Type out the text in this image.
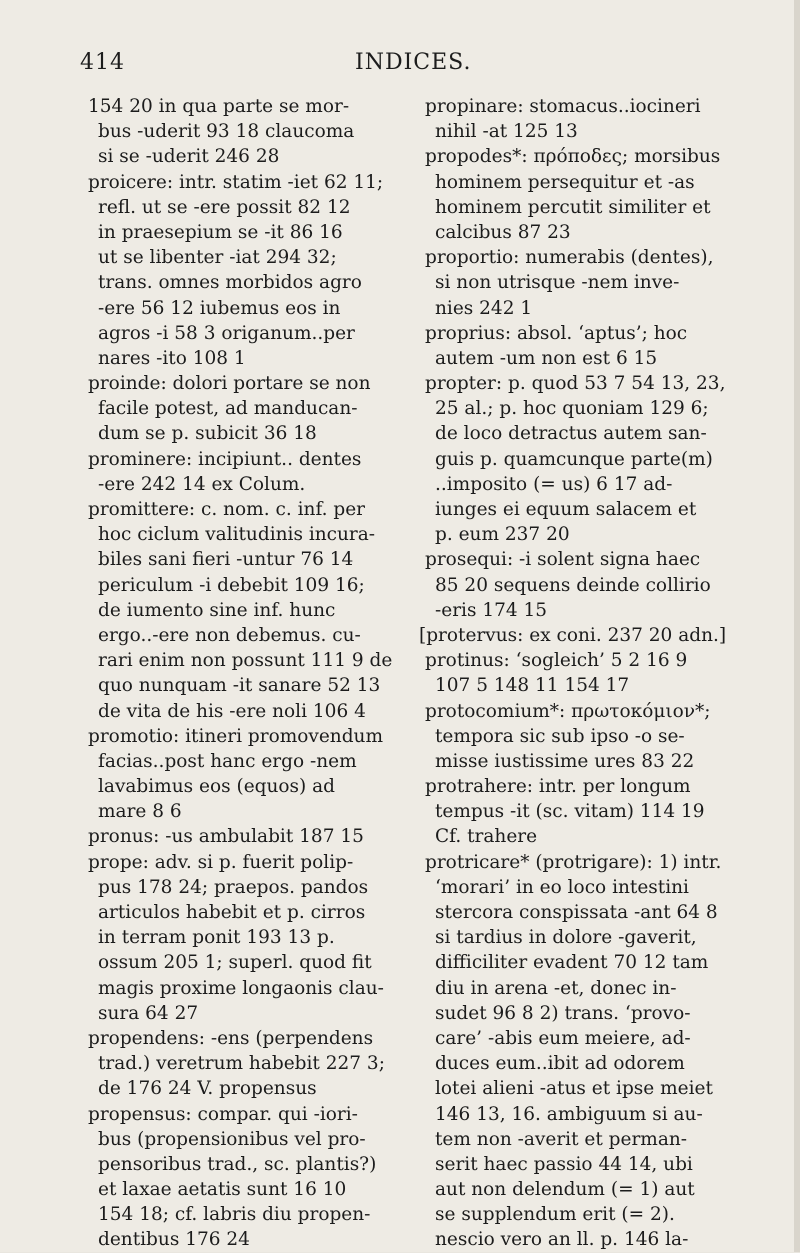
414	INDICES.
154 20 in qua parte se mor-
bus -uderit 93 18 claucoma
si se -uderit 246 28
proicere: intr. statim -iet 62 11;
refl. ut se -ere possit 82 12
in praesepium se -it 86 16
ut se libenter -iat 294 32;
trans. omnes morbidos agro
-ere 56 12 iubemus eos in
agros -i 58 3 origanum..per
nares -ito 108 1
proinde: dolori portare se non
facile potest, ad manducan-
dum se p. subicit 36 18
prominere: incipiunt.. dentes
-ere 242 14 ex Colum.
promittere: c. nom. c. inf. per
hoc ciclum valitudinis incura-
biles sani fieri -untur 76 14
periculum -i debebit 109 16;
de iumento sine inf. hunc
ergo..-ere non debemus. cu-
rari enim non possunt 111 9 de
quo nunquam -it sanare 52 13
de vita de his -ere noli 106 4
promotio: itineri promovendum
facias..post hanc ergo -nem
lavabimus eos (equos) ad
mare 8 6
pronus: -us ambulabit 187 15
prope: adv. si p. fuerit polip-
pus 178 24; praepos. pandos
articulos habebit et p. cirros
in terram ponit 193 13 p.
ossum 205 1; superl. quod fit
magis proxime longaonis clau-
sura 64 27
propendens: -ens (perpendens
trad.) veretrum habebit 227 3;
de 176 24 V. propensus
propensus: compar. qui -iori-
bus (propensionibus vel pro-
pensoribus trad., sc. plantis?)
et laxae aetatis sunt 16 10
154 18; cf. labris diu propen-
dentibus 176 24
propinare: stomacus..iocineri
nihil -at 125 13
propodes*: πρόποδες; morsibus
hominem persequitur et -as
hominem percutit similiter et
calcibus 87 23
proportio: numerabis (dentes),
si non utrisque -nem inve-
nies 242 1
proprius: absol. ‘aptus’; hoc
autem -um non est 6 15
propter: p. quod 53 7 54 13, 23,
25 al.; p. hoc quoniam 129 6;
de loco detractus autem san-
guis p. quamcunque parte(m)
..imposito (= us) 6 17 ad-
iunges ei equum salacem et
p. eum 237 20
prosequi: -i solent signa haec
85 20 sequens deinde collirio
-eris 174 15
[protervus: ex coni. 237 20 adn.]
protinus: ‘sogleich’ 5 2 16 9
107 5 148 11 154 17
protocomium*: πρωτοκόμιον*;
tempora sic sub ipso -o se-
misse iustissime ures 83 22
protrahere: intr. per longum
tempus -it (sc. vitam) 114 19
Cf. trahere
protricare* (protrigare): 1) intr.
‘morari’ in eo loco intestini
stercora conspissata -ant 64 8
si tardius in dolore -gaverit,
difficiliter evadent 70 12 tam
diu in arena -et, donec in-
sudet 96 8 2) trans. ‘provo-
care’ -abis eum meiere, ad-
duces eum..ibit ad odorem
lotei alieni -atus et ipse meiet
146 13, 16. ambiguum si au-
tem non -averit et perman-
serit haec passio 44 14, ubi
aut non delendum (= 1) aut
se supplendum erit (= 2).
nescio vero an ll. p. 146 la-
